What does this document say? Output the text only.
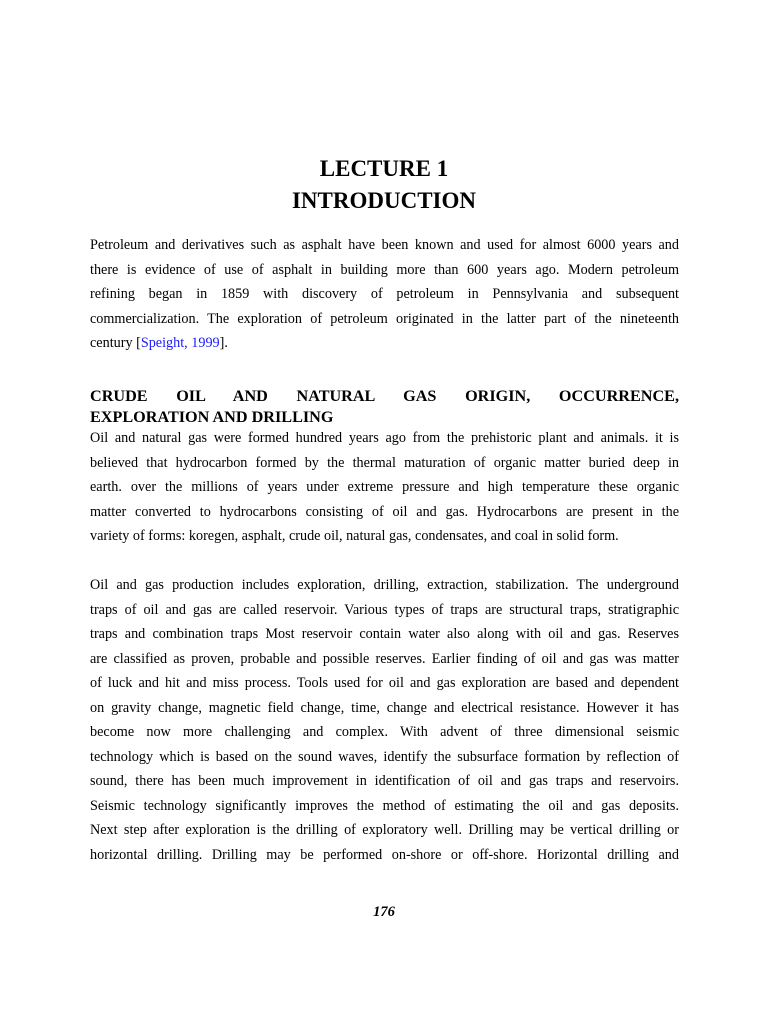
LECTURE 1
INTRODUCTION

Petroleum and derivatives such as asphalt have been known and used for almost 6000 years and
there is evidence of use of asphalt in building more than 600 years ago. Modern petroleum
refining began in 1859 with discovery of petroleum in Pennsylvania and subsequent
commercialization. The exploration of petroleum originated in the latter part of the nineteenth
century [Speight, 1999].

CRUDE OIL AND NATURAL GAS ORIGIN, OCCURRENCE,
EXPLORATION AND DRILLING

Oil and natural gas were formed hundred years ago from the prehistoric plant and animals. it is
believed that hydrocarbon formed by the thermal maturation of organic matter buried deep in
earth. over the millions of years under extreme pressure and high temperature these organic
matter converted to hydrocarbons consisting of oil and gas. Hydrocarbons are present in the
variety of forms: koregen, asphalt, crude oil, natural gas, condensates, and coal in solid form.

Oil and gas production includes exploration, drilling, extraction, stabilization. The underground
traps of oil and gas are called reservoir. Various types of traps are structural traps, stratigraphic
traps and combination traps Most reservoir contain water also along with oil and gas. Reserves
are classified as proven, probable and possible reserves. Earlier finding of oil and gas was matter
of luck and hit and miss process. Tools used for oil and gas exploration are based and dependent
on gravity change, magnetic field change, time, change and electrical resistance. However it has
become now more challenging and complex. With advent of three dimensional seismic
technology which is based on the sound waves, identify the subsurface formation by reflection of
sound, there has been much improvement in identification of oil and gas traps and reservoirs.
Seismic technology significantly improves the method of estimating the oil and gas deposits.
Next step after exploration is the drilling of exploratory well. Drilling may be vertical drilling or
horizontal drilling. Drilling may be performed on-shore or off-shore. Horizontal drilling and

176
